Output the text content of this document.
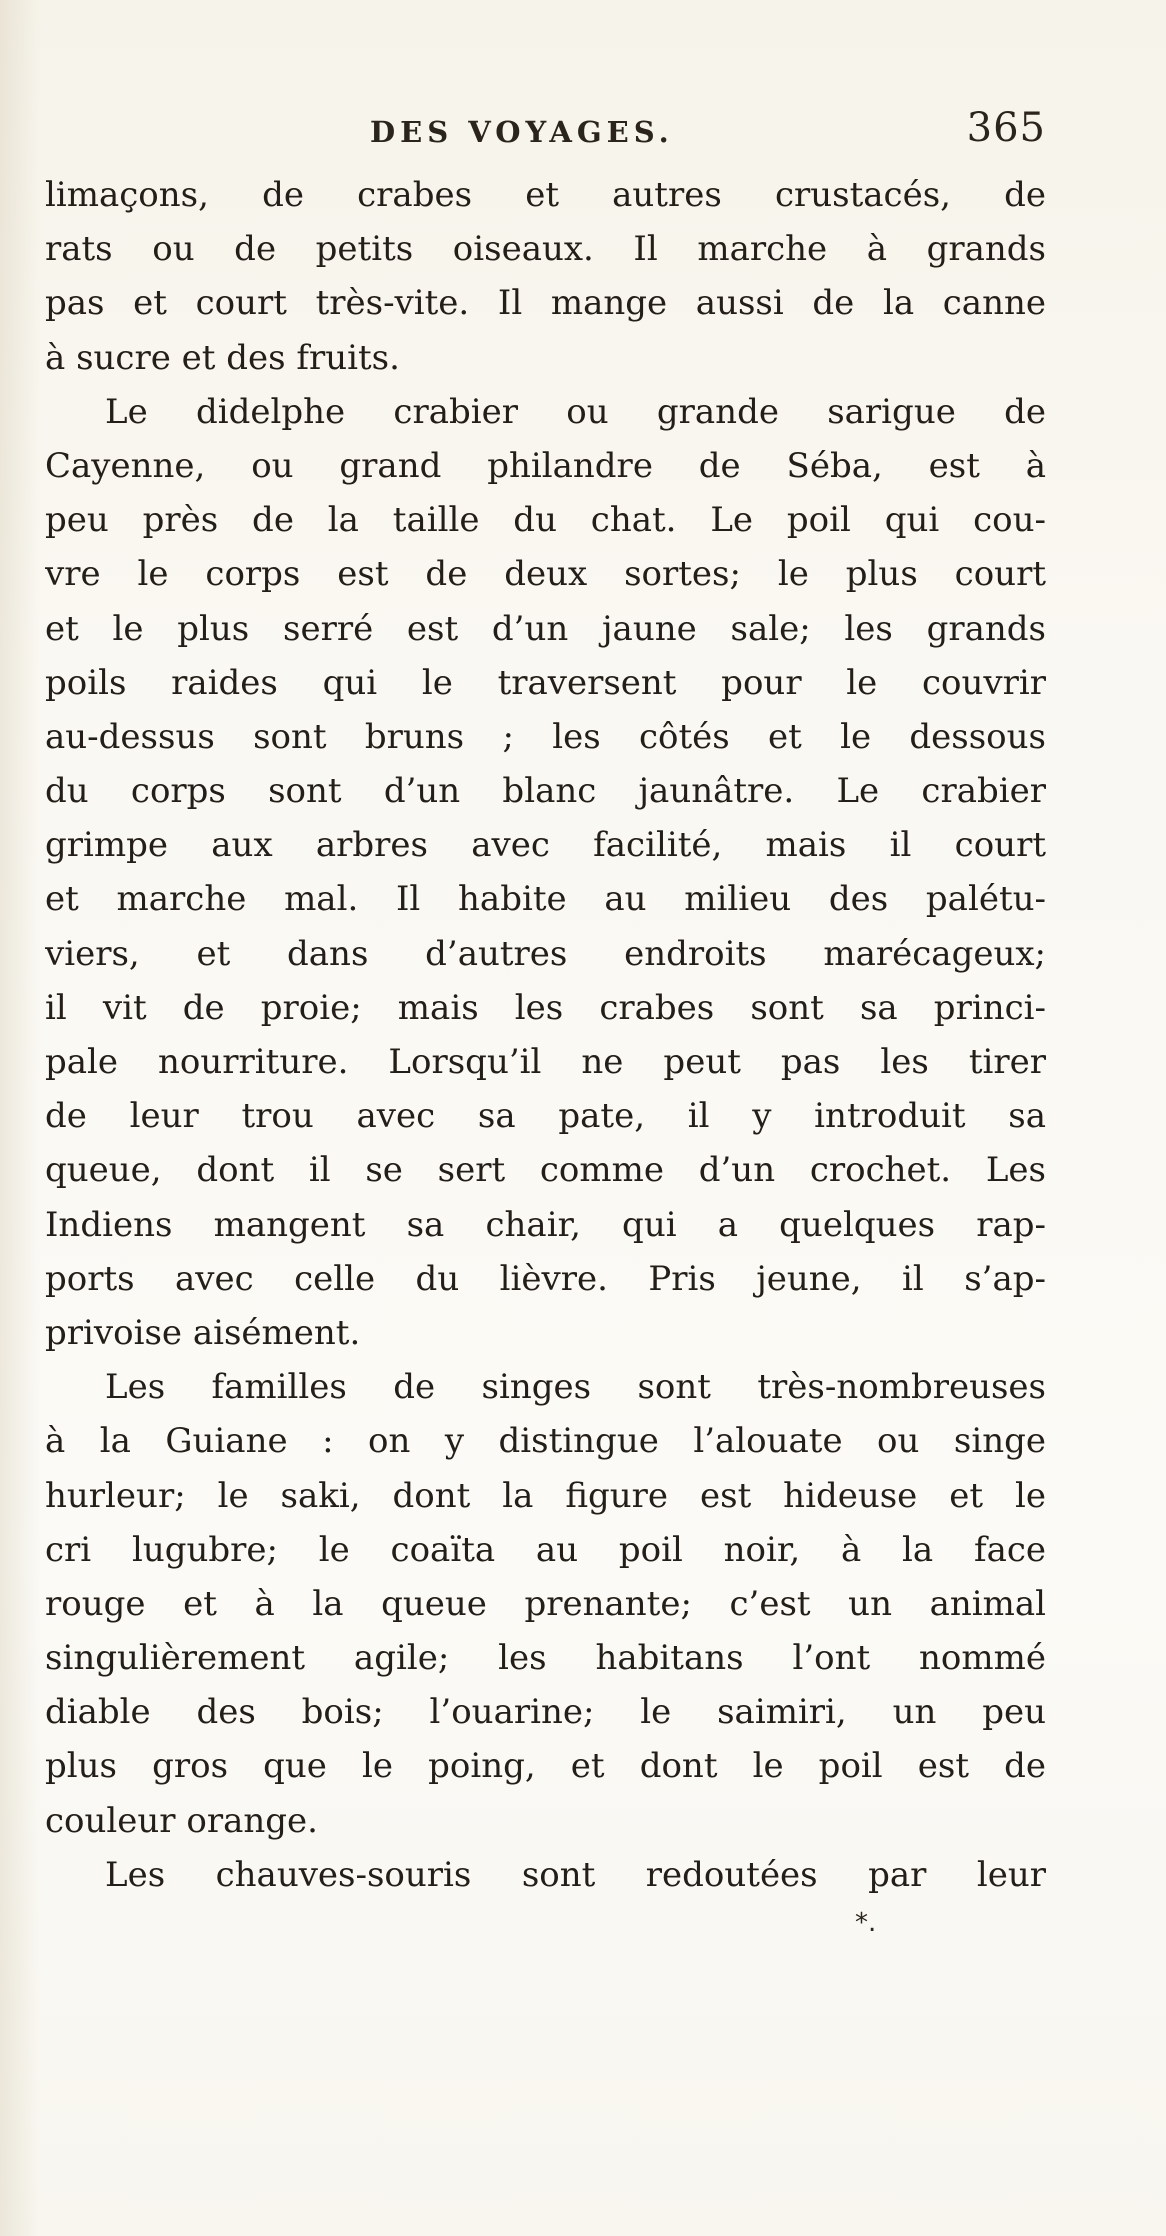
DES VOYAGES.	365
limaçons, de crabes et autres crustacés, de
rats ou de petits oiseaux. Il marche à grands
pas et court très-vite. Il mange aussi de la canne
à sucre et des fruits.
Le didelphe crabier ou grande sarigue de
Cayenne, ou grand philandre de Séba, est à
peu près de la taille du chat. Le poil qui cou-
vre le corps est de deux sortes; le plus court
et le plus serré est d’un jaune sale; les grands
poils raides qui le traversent pour le couvrir
au-dessus sont bruns ; les côtés et le dessous
du corps sont d’un blanc jaunâtre. Le crabier
grimpe aux arbres avec facilité, mais il court
et marche mal. Il habite au milieu des palétu-
viers, et dans d’autres endroits marécageux;
il vit de proie; mais les crabes sont sa princi-
pale nourriture. Lorsqu’il ne peut pas les tirer
de leur trou avec sa pate, il y introduit sa
queue, dont il se sert comme d’un crochet. Les
Indiens mangent sa chair, qui a quelques rap-
ports avec celle du lièvre. Pris jeune, il s’ap-
privoise aisément.
Les familles de singes sont très-nombreuses
à la Guiane : on y distingue l’alouate ou singe
hurleur; le saki, dont la figure est hideuse et le
cri lugubre; le coaïta au poil noir, à la face
rouge et à la queue prenante; c’est un animal
singulièrement agile; les habitans l’ont nommé
diable des bois; l’ouarine; le saimiri, un peu
plus gros que le poing, et dont le poil est de
couleur orange.
Les chauves-souris sont redoutées par leur
*.
